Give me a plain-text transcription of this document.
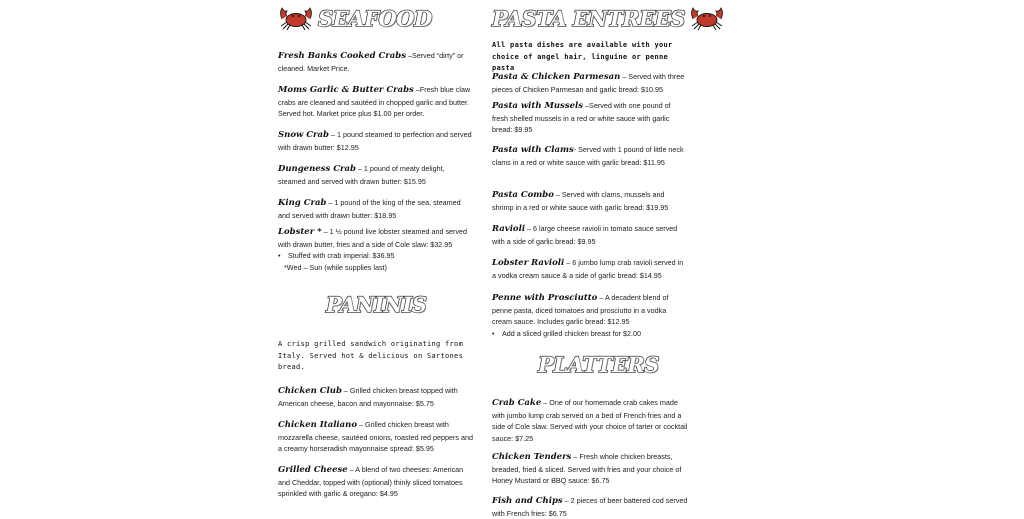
SEAFOOD
Fresh Banks Cooked Crabs –Served “dirty” or cleaned. Market Price.
Moms Garlic & Butter Crabs –Fresh blue claw crabs are cleaned and sautéed in chopped garlic and butter. Served hot. Market price plus $1.00 per order.
Snow Crab – 1 pound steamed to perfection and served with drawn butter: $12.95
Dungeness Crab – 1 pound of meaty delight, steamed and served with drawn butter: $15.95
King Crab – 1 pound of the king of the sea, steamed and served with drawn butter: $18.95
Lobster * – 1 ½ pound live lobster steamed and served with drawn butter, fries and a side of Cole slaw: $32.95
• Stuffed with crab imperial: $36.95
*Wed – Sun (while supplies last)
PANINIS
A crisp grilled sandwich originating from Italy. Served hot & delicious on Sartones bread.
Chicken Club – Grilled chicken breast topped with American cheese, bacon and mayonnaise: $5.75
Chicken Italiano – Grilled chicken breast with mozzarella cheese, sautéed onions, roasted red peppers and a creamy horseradish mayonnaise spread: $5.95
Grilled Cheese – A blend of two cheeses: American and Cheddar, topped with (optional) thinly sliced tomatoes sprinkled with garlic & oregano: $4.95
PASTA ENTREES
All pasta dishes are available with your choice of angel hair, linguine or penne pasta
Pasta & Chicken Parmesan – Served with three pieces of Chicken Parmesan and garlic bread: $10.95
Pasta with Mussels –Served with one pound of fresh shelled mussels in a red or white sauce with garlic bread: $9.95
Pasta with Clams- Served with 1 pound of little neck clams in a red or white sauce with garlic bread: $11.95
Pasta Combo – Served with clams, mussels and shrimp in a red or white sauce with garlic bread: $19.95
Ravioli – 6 large cheese ravioli in tomato sauce served with a side of garlic bread: $9.95
Lobster Ravioli – 6 jumbo lump crab ravioli served in a vodka cream sauce & a side of garlic bread: $14.95
Penne with Prosciutto – A decadent blend of penne pasta, diced tomatoes and prosciutto in a vodka cream sauce. Includes garlic bread: $12.95
• Add a sliced grilled chicken breast for $2.00
PLATTERS
Crab Cake – One of our homemade crab cakes made with jumbo lump crab served on a bed of French fries and a side of Cole slaw. Served with your choice of tarter or cocktail sauce: $7.25
Chicken Tenders – Fresh whole chicken breasts, breaded, fried & sliced. Served with fries and your choice of Honey Mustard or BBQ sauce: $6.75
Fish and Chips – 2 pieces of beer battered cod served with French fries: $6.75
